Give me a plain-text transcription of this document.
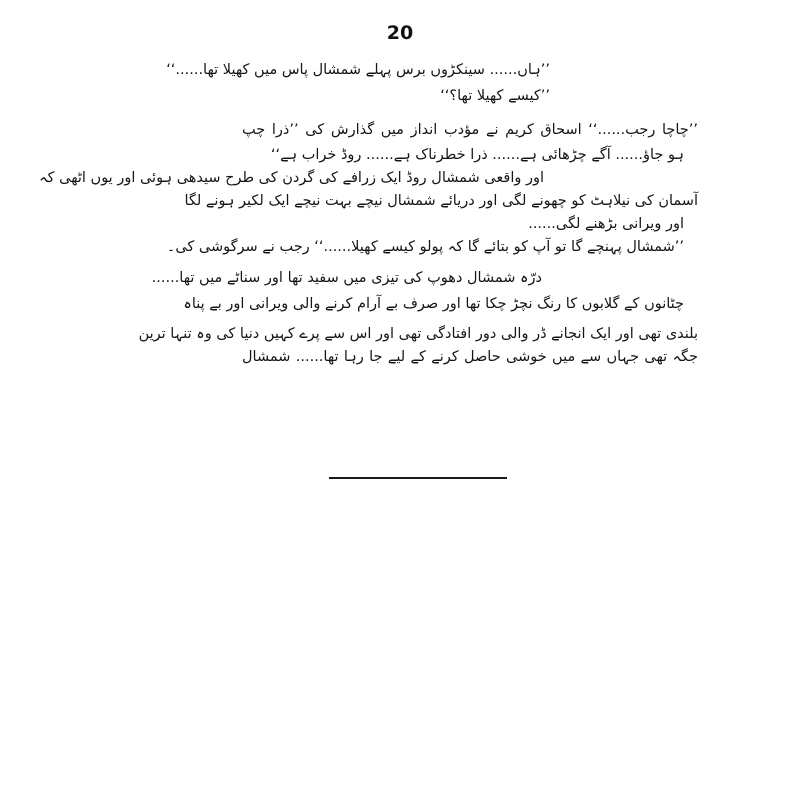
20
’’ہاں...... سینکڑوں برس پہلے شمشال پاس میں کھیلا تھا......‘‘
’’کیسے کھیلا تھا؟‘‘
’’چاچا رجب......‘‘ اسحاق کریم نے مؤدب انداز میں گذارش کی ’’ذرا چپ
ہو جاؤ...... آگے چڑھائی ہے...... ذرا خطرناک ہے...... روڈ خراب ہے‘‘
اور واقعی شمشال روڈ ایک زرافے کی گردن کی طرح سیدھی ہوئی اور یوں اٹھی کہ
آسمان کی نیلاہٹ کو چھونے لگی اور دریائے شمشال نیچے بہت نیچے ایک لکیر ہونے لگا
اور ویرانی بڑھنے لگی......
’’شمشال پہنچے گا تو آپ کو بتائے گا کہ پولو کیسے کھیلا......‘‘ رجب نے سرگوشی کی۔
درّہ شمشال دھوپ کی تیزی میں سفید تھا اور سناٹے میں تھا......
چٹانوں کے گلابوں کا رنگ نچڑ چکا تھا اور صرف بے آرام کرنے والی ویرانی اور بے پناہ
بلندی تھی اور ایک انجانے ڈر والی دور افتادگی تھی اور اس سے پرے کہیں دنیا کی وہ تنہا ترین
جگہ تھی جہاں سے میں خوشی حاصل کرنے کے لیے جا رہا تھا...... شمشال
